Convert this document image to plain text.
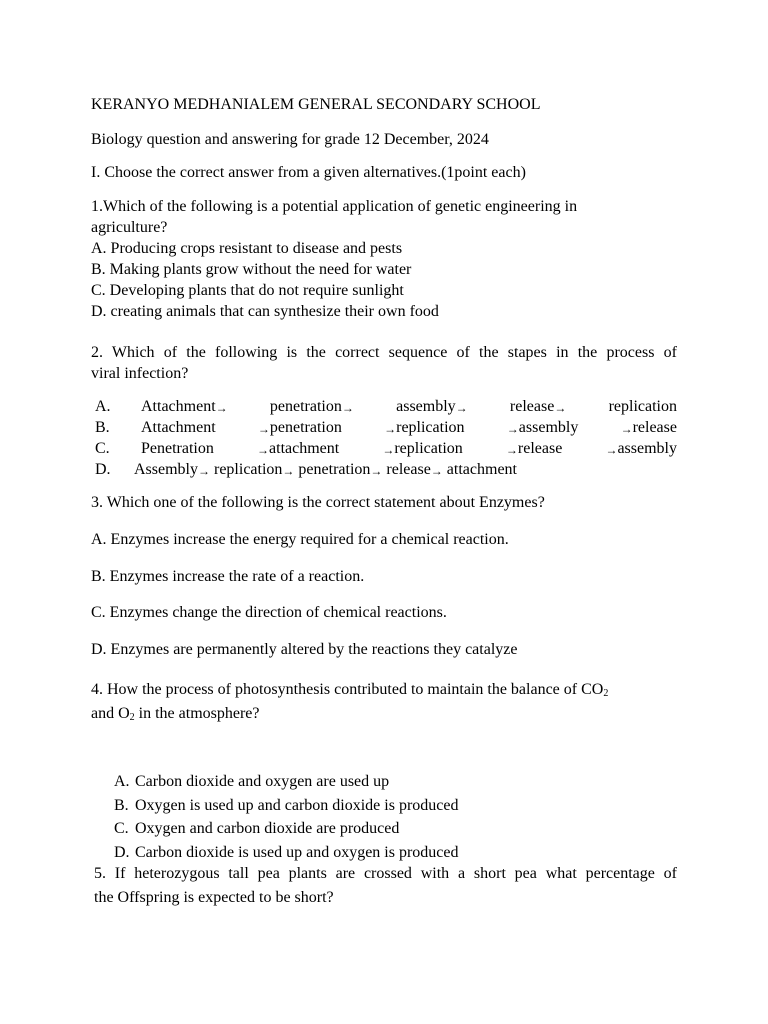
KERANYO MEDHANIALEM GENERAL SECONDARY SCHOOL
Biology question and answering for grade 12 December, 2024
I. Choose the correct answer from a given alternatives.(1point each)
1.Which of the following is a potential application of genetic engineering in
agriculture?
A. Producing crops resistant to disease and pests
B. Making plants grow without the need for water
C. Developing plants that do not require sunlight
D. creating animals that can synthesize their own food
2. Which of the following is the correct sequence of the stapes in the process of
viral infection?
A.	Attachment→	penetration→	assembly→	release→	replication
B.	Attachment	→penetration	→replication	→assembly	→release
C.	Penetration	→attachment	→replication	→release	→assembly
D.	Assembly→ replication→ penetration→ release→ attachment
3. Which one of the following is the correct statement about Enzymes?
A. Enzymes increase the energy required for a chemical reaction.
B. Enzymes increase the rate of a reaction.
C. Enzymes change the direction of chemical reactions.
D. Enzymes are permanently altered by the reactions they catalyze
4. How the process of photosynthesis contributed to maintain the balance of $CO_2$
and $O_2$ in the atmosphere?
A. Carbon dioxide and oxygen are used up
B. Oxygen is used up and carbon dioxide is produced
C. Oxygen and carbon dioxide are produced
D. Carbon dioxide is used up and oxygen is produced
5. If heterozygous tall pea plants are crossed with a short pea what percentage of
the Offspring is expected to be short?
